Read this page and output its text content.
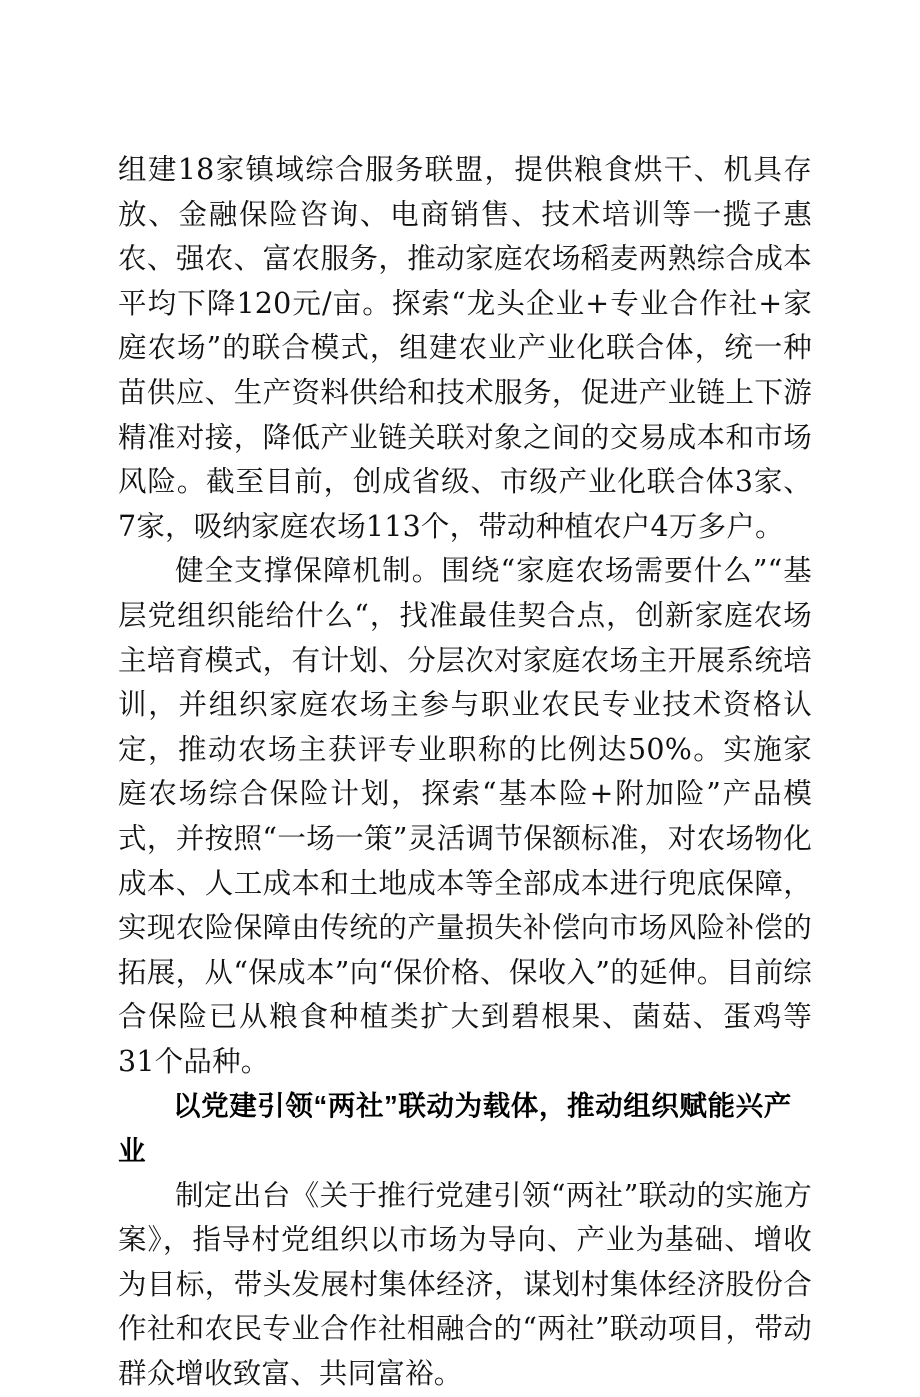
组建18家镇域综合服务联盟，提供粮食烘干、机具存放、金融保险咨询、电商销售、技术培训等一揽子惠农、强农、富农服务，推动家庭农场稻麦两熟综合成本平均下降120元/亩。探索“龙头企业+专业合作社+家庭农场”的联合模式，组建农业产业化联合体，统一种苗供应、生产资料供给和技术服务，促进产业链上下游精准对接，降低产业链关联对象之间的交易成本和市场风险。截至目前，创成省级、市级产业化联合体3家、7家，吸纳家庭农场113个，带动种植农户4万多户。

健全支撑保障机制。围绕“家庭农场需要什么”“基层党组织能给什么“，找准最佳契合点，创新家庭农场主培育模式，有计划、分层次对家庭农场主开展系统培训，并组织家庭农场主参与职业农民专业技术资格认定，推动农场主获评专业职称的比例达50%。实施家庭农场综合保险计划，探索“基本险+附加险”产品模式，并按照“一场一策”灵活调节保额标准，对农场物化成本、人工成本和土地成本等全部成本进行兜底保障，实现农险保障由传统的产量损失补偿向市场风险补偿的拓展，从“保成本”向“保价格、保收入”的延伸。目前综合保险已从粮食种植类扩大到碧根果、菌菇、蛋鸡等31个品种。

以党建引领“两社”联动为载体，推动组织赋能兴产业

制定出台《关于推行党建引领“两社”联动的实施方案》，指导村党组织以市场为导向、产业为基础、增收为目标，带头发展村集体经济，谋划村集体经济股份合作社和农民专业合作社相融合的“两社”联动项目，带动群众增收致富、共同富裕。
